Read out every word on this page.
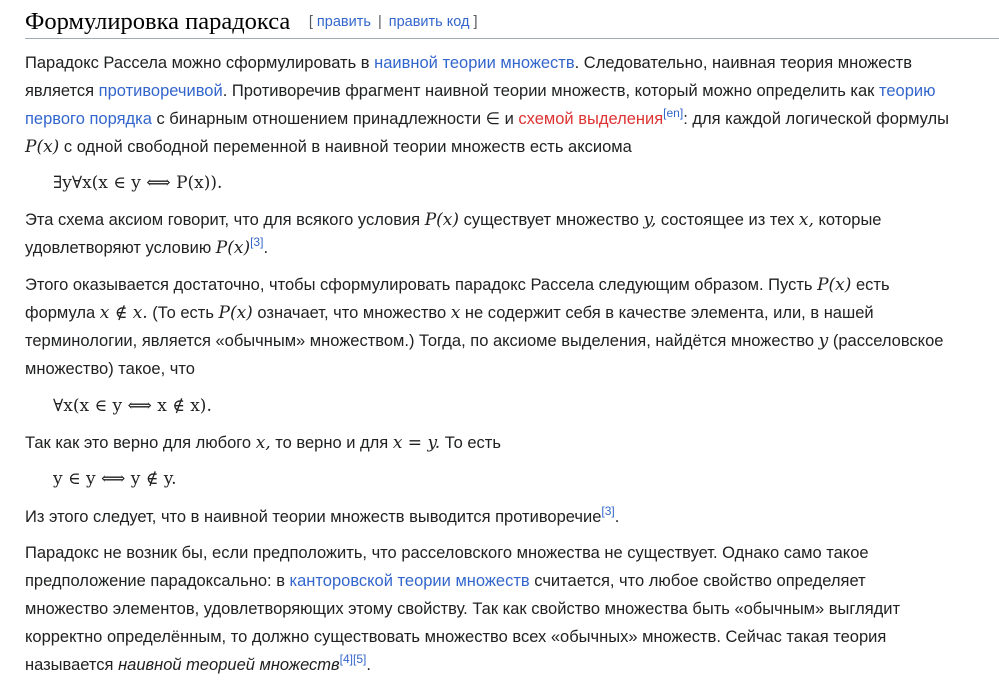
Формулировка парадокса [ править | править код ]
Парадокс Рассела можно сформулировать в наивной теории множеств. Следовательно, наивная теория множеств
является противоречивой. Противоречив фрагмент наивной теории множеств, который можно определить как теорию
первого порядка с бинарным отношением принадлежности ∈ и схемой выделения[en]: для каждой логической формулы
P(x) с одной свободной переменной в наивной теории множеств есть аксиома
∃y∀x(x ∈ y ⟺ P(x)).
Эта схема аксиом говорит, что для всякого условия P(x) существует множество y, состоящее из тех x, которые
удовлетворяют условию P(x)[3].
Этого оказывается достаточно, чтобы сформулировать парадокс Рассела следующим образом. Пусть P(x) есть
формула x ∉ x. (То есть P(x) означает, что множество x не содержит себя в качестве элемента, или, в нашей
терминологии, является «обычным» множеством.) Тогда, по аксиоме выделения, найдётся множество y (расселовское
множество) такое, что
∀x(x ∈ y ⟺ x ∉ x).
Так как это верно для любого x, то верно и для x = y. То есть
y ∈ y ⟺ y ∉ y.
Из этого следует, что в наивной теории множеств выводится противоречие[3].
Парадокс не возник бы, если предположить, что расселовского множества не существует. Однако само такое
предположение парадоксально: в канторовской теории множеств считается, что любое свойство определяет
множество элементов, удовлетворяющих этому свойству. Так как свойство множества быть «обычным» выглядит
корректно определённым, то должно существовать множество всех «обычных» множеств. Сейчас такая теория
называется наивной теорией множеств[4][5].
